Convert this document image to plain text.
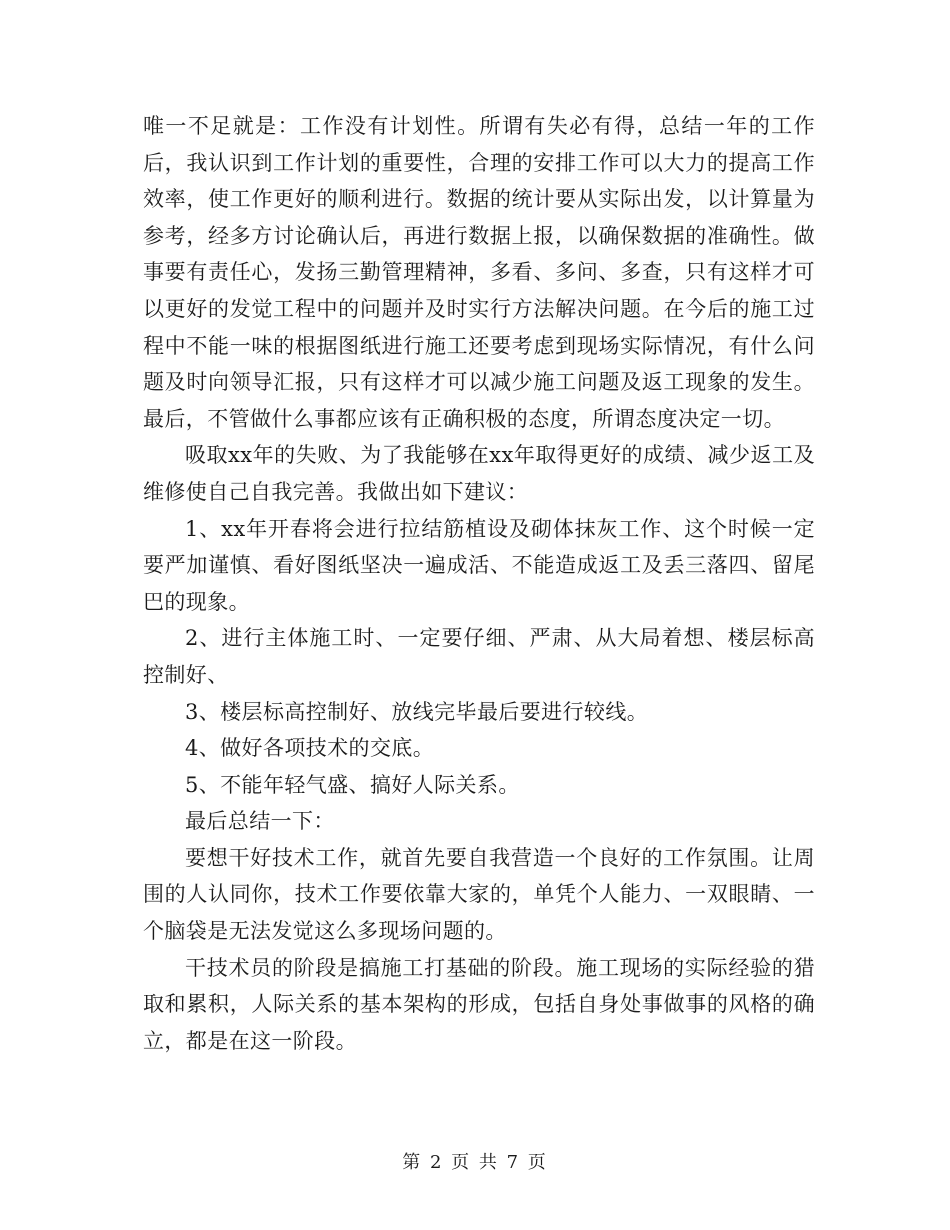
唯一不足就是：工作没有计划性。所谓有失必有得，总结一年的工作后，我认识到工作计划的重要性，合理的安排工作可以大力的提高工作效率，使工作更好的顺利进行。数据的统计要从实际出发，以计算量为参考，经多方讨论确认后，再进行数据上报，以确保数据的准确性。做事要有责任心，发扬三勤管理精神，多看、多问、多查，只有这样才可以更好的发觉工程中的问题并及时实行方法解决问题。在今后的施工过程中不能一味的根据图纸进行施工还要考虑到现场实际情况，有什么问题及时向领导汇报，只有这样才可以减少施工问题及返工现象的发生。最后，不管做什么事都应该有正确积极的态度，所谓态度决定一切。

吸取xx年的失败、为了我能够在xx年取得更好的成绩、减少返工及维修使自己自我完善。我做出如下建议：

1、xx年开春将会进行拉结筋植设及砌体抹灰工作、这个时候一定要严加谨慎、看好图纸坚决一遍成活、不能造成返工及丢三落四、留尾巴的现象。

2、进行主体施工时、一定要仔细、严肃、从大局着想、楼层标高控制好、

3、楼层标高控制好、放线完毕最后要进行较线。

4、做好各项技术的交底。

5、不能年轻气盛、搞好人际关系。

最后总结一下：

要想干好技术工作，就首先要自我营造一个良好的工作氛围。让周围的人认同你，技术工作要依靠大家的，单凭个人能力、一双眼睛、一个脑袋是无法发觉这么多现场问题的。

干技术员的阶段是搞施工打基础的阶段。施工现场的实际经验的猎取和累积，人际关系的基本架构的形成，包括自身处事做事的风格的确立，都是在这一阶段。

第 2 页 共 7 页
